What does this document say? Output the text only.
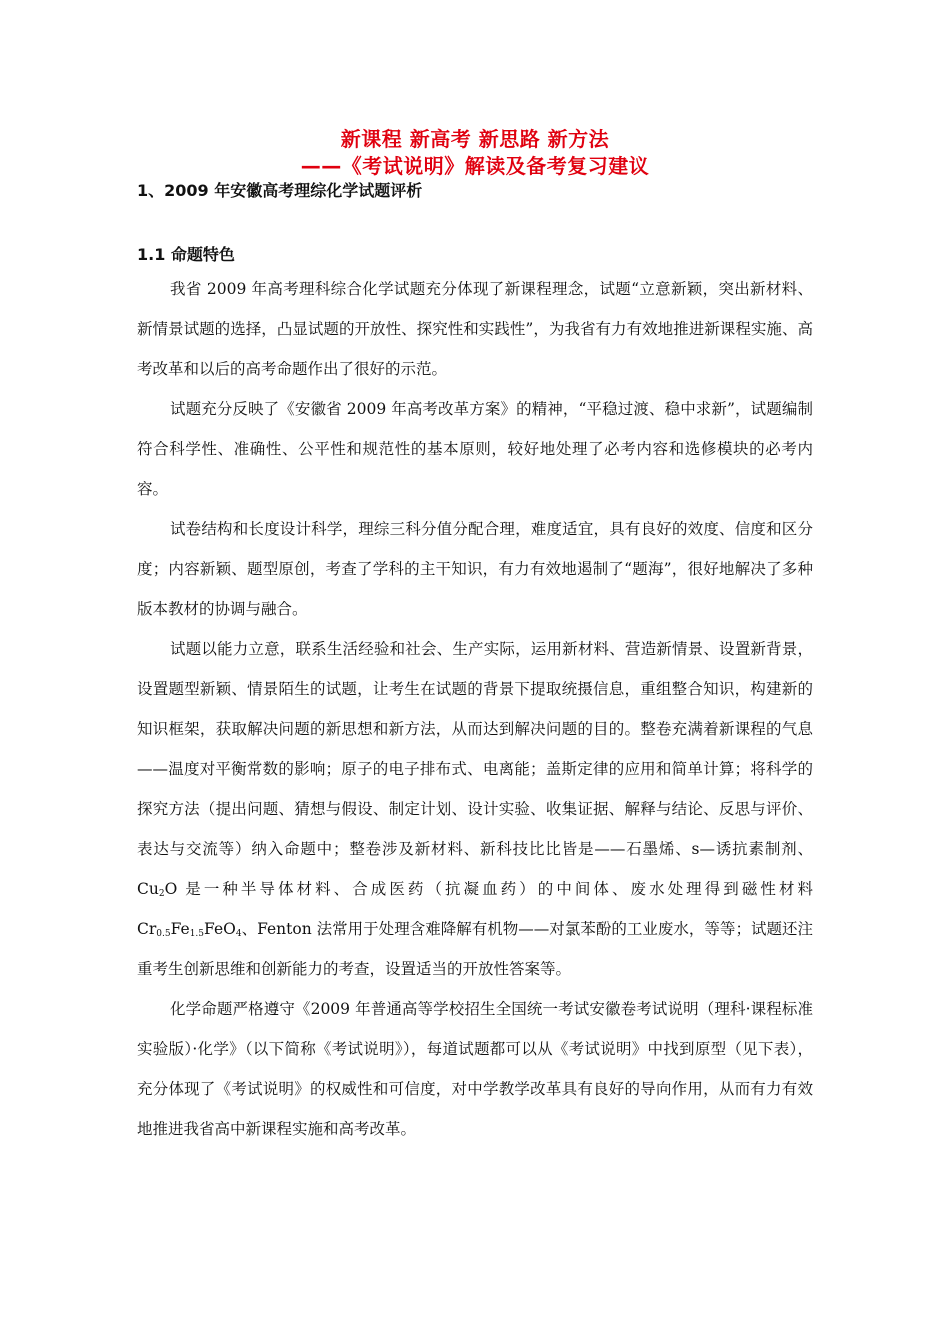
新课程 新高考 新思路 新方法
——《考试说明》解读及备考复习建议
1、2009 年安徽高考理综化学试题评析
1.1 命题特色

我省 2009 年高考理科综合化学试题充分体现了新课程理念，试题“立意新颖，突出新材料、新情景试题的选择，凸显试题的开放性、探究性和实践性”，为我省有力有效地推进新课程实施、高考改革和以后的高考命题作出了很好的示范。

试题充分反映了《安徽省 2009 年高考改革方案》的精神，“平稳过渡、稳中求新”，试题编制符合科学性、准确性、公平性和规范性的基本原则，较好地处理了必考内容和选修模块的必考内容。

试卷结构和长度设计科学，理综三科分值分配合理，难度适宜，具有良好的效度、信度和区分度；内容新颖、题型原创，考查了学科的主干知识，有力有效地遏制了“题海”，很好地解决了多种版本教材的协调与融合。

试题以能力立意，联系生活经验和社会、生产实际，运用新材料、营造新情景、设置新背景，设置题型新颖、情景陌生的试题，让考生在试题的背景下提取统摄信息，重组整合知识，构建新的知识框架，获取解决问题的新思想和新方法，从而达到解决问题的目的。整卷充满着新课程的气息——温度对平衡常数的影响；原子的电子排布式、电离能；盖斯定律的应用和简单计算；将科学的探究方法（提出问题、猜想与假设、制定计划、设计实验、收集证据、解释与结论、反思与评价、表达与交流等）纳入命题中；整卷涉及新材料、新科技比比皆是——石墨烯、s—诱抗素制剂、$Cu_2O$ 是一种半导体材料、合成医药（抗凝血药）的中间体、废水处理得到磁性材料 $Cr_{0.5}Fe_{1.5}FeO_4$、Fenton 法常用于处理含难降解有机物——对氯苯酚的工业废水，等等；试题还注重考生创新思维和创新能力的考查，设置适当的开放性答案等。

化学命题严格遵守《2009 年普通高等学校招生全国统一考试安徽卷考试说明（理科·课程标准实验版）·化学》（以下简称《考试说明》），每道试题都可以从《考试说明》中找到原型（见下表），充分体现了《考试说明》的权威性和可信度，对中学教学改革具有良好的导向作用，从而有力有效地推进我省高中新课程实施和高考改革。
